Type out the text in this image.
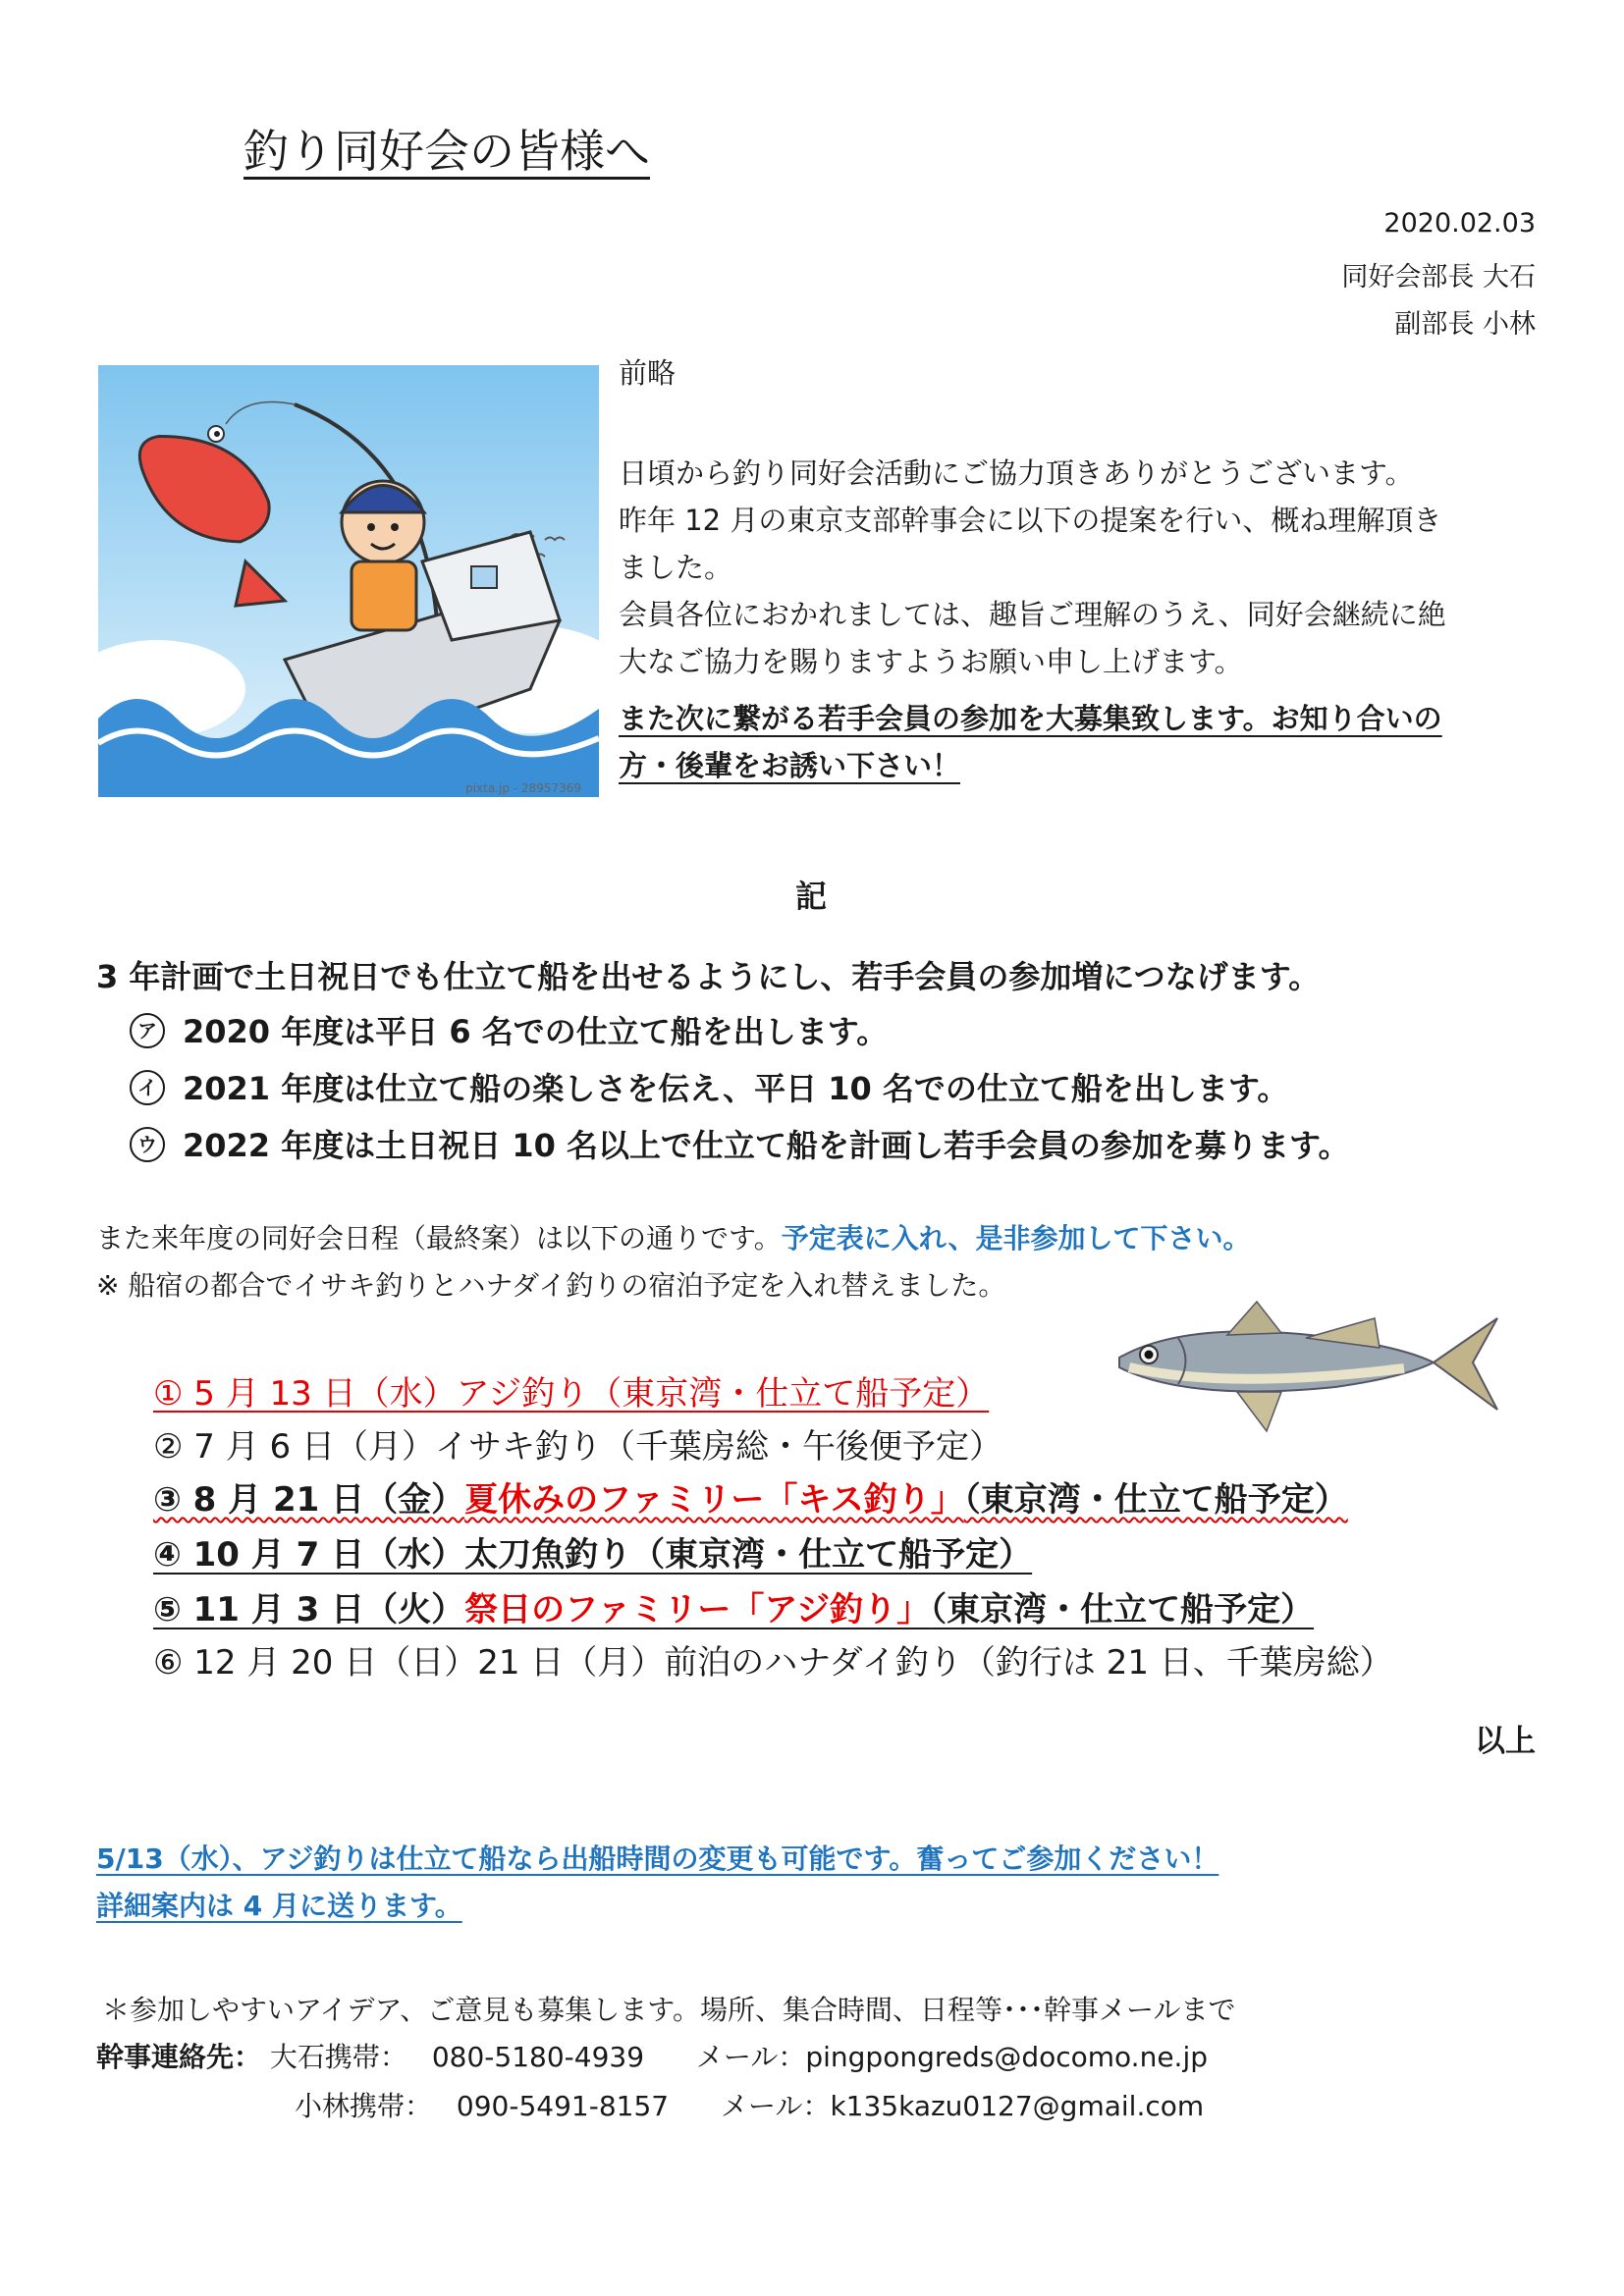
釣り同好会の皆様へ
2020.02.03
同好会部長 大石
副部長 小林
pixta.jp - 28957369
前略
日頃から釣り同好会活動にご協力頂きありがとうございます。
昨年 12 月の東京支部幹事会に以下の提案を行い、概ね理解頂き
ました。
会員各位におかれましては、趣旨ご理解のうえ、同好会継続に絶
大なご協力を賜りますようお願い申し上げます。
また次に繋がる若手会員の参加を大募集致します。お知り合いの
方・後輩をお誘い下さい！
記
3 年計画で土日祝日でも仕立て船を出せるようにし、若手会員の参加増につなげます。
ア 2020 年度は平日 6 名での仕立て船を出します。
イ 2021 年度は仕立て船の楽しさを伝え、平日 10 名での仕立て船を出します。
ウ 2022 年度は土日祝日 10 名以上で仕立て船を計画し若手会員の参加を募ります。
また来年度の同好会日程（最終案）は以下の通りです。予定表に入れ、是非参加して下さい。
※ 船宿の都合でイサキ釣りとハナダイ釣りの宿泊予定を入れ替えました。
① 5 月 13 日（水）アジ釣り（東京湾・仕立て船予定）
② 7 月 6 日（月）イサキ釣り（千葉房総・午後便予定）
③ 8 月 21 日（金）夏休みのファミリー「キス釣り」（東京湾・仕立て船予定）
④ 10 月 7 日（水）太刀魚釣り（東京湾・仕立て船予定）
⑤ 11 月 3 日（火）祭日のファミリー「アジ釣り」（東京湾・仕立て船予定）
⑥ 12 月 20 日（日）21 日（月）前泊のハナダイ釣り（釣行は 21 日、千葉房総）
以上
5/13（水）、アジ釣りは仕立て船なら出船時間の変更も可能です。奮ってご参加ください！
詳細案内は 4 月に送ります。
＊参加しやすいアイデア、ご意見も募集します。場所、集合時間、日程等･･･幹事メールまで
幹事連絡先： 大石携帯： 080-5180-4939 メール：pingpongreds@docomo.ne.jp
小林携帯： 090-5491-8157 メール：k135kazu0127@gmail.com
